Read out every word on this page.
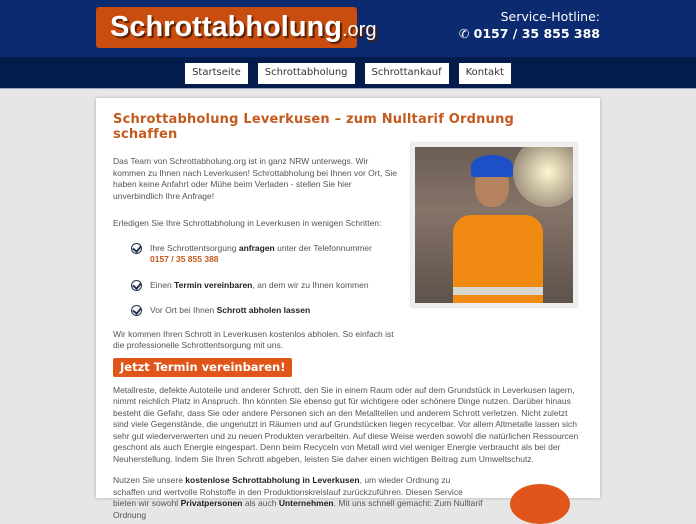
Schrottabholung.org
Service-Hotline:
✆ 0157 / 35 855 388
Startseite	Schrottabholung	Schrottankauf	Kontakt
Schrottabholung Leverkusen – zum Nulltarif Ordnung schaffen

Das Team von Schrottabholung.org ist in ganz NRW unterwegs. Wir kommen zu Ihnen nach Leverkusen! Schrottabholung bei Ihnen vor Ort, Sie haben keine Anfahrt oder Mühe beim Verladen - stellen Sie hier unverbindlich Ihre Anfrage!

Erledigen Sie Ihre Schrottabholung in Leverkusen in wenigen Schritten:

Ihre Schrottentsorgung anfragen unter der Telefonnummer
0157 / 35 855 388
Einen Termin vereinbaren, an dem wir zu Ihnen kommen
Vor Ort bei Ihnen Schrott abholen lassen

Wir kommen Ihren Schrott in Leverkusen kostenlos abholen. So einfach ist die professionelle Schrottentsorgung mit uns.

Jetzt Termin vereinbaren!

Metallreste, defekte Autoteile und anderer Schrott, den Sie in einem Raum oder auf dem Grundstück in Leverkusen lagern, nimmt reichlich Platz in Anspruch. Ihn könnten Sie ebenso gut für wichtigere oder schönere Dinge nutzen. Darüber hinaus besteht die Gefahr, dass Sie oder andere Personen sich an den Metallteilen und anderem Schrott verletzen. Nicht zuletzt sind viele Gegenstände, die ungenutzt in Räumen und auf Grundstücken liegen recycelbar. Vor allem Altmetalle lassen sich sehr gut wiederverwerten und zu neuen Produkten verarbeiten. Auf diese Weise werden sowohl die natürlichen Ressourcen geschont als auch Energie eingespart. Denn beim Recyceln von Metall wird viel weniger Energie verbraucht als bei der Neuherstellung. Indem Sie Ihren Schrott abgeben, leisten Sie daher einen wichtigen Beitrag zum Umweltschutz.

Nutzen Sie unsere kostenlose Schrottabholung in Leverkusen, um wieder Ordnung zu schaffen und wertvolle Rohstoffe in den Produktionskreislauf zurückzuführen. Diesen Service bieten wir sowohl Privatpersonen als auch Unternehmen. Mit uns schnell gemacht: Zum Nulltarif Ordnung
